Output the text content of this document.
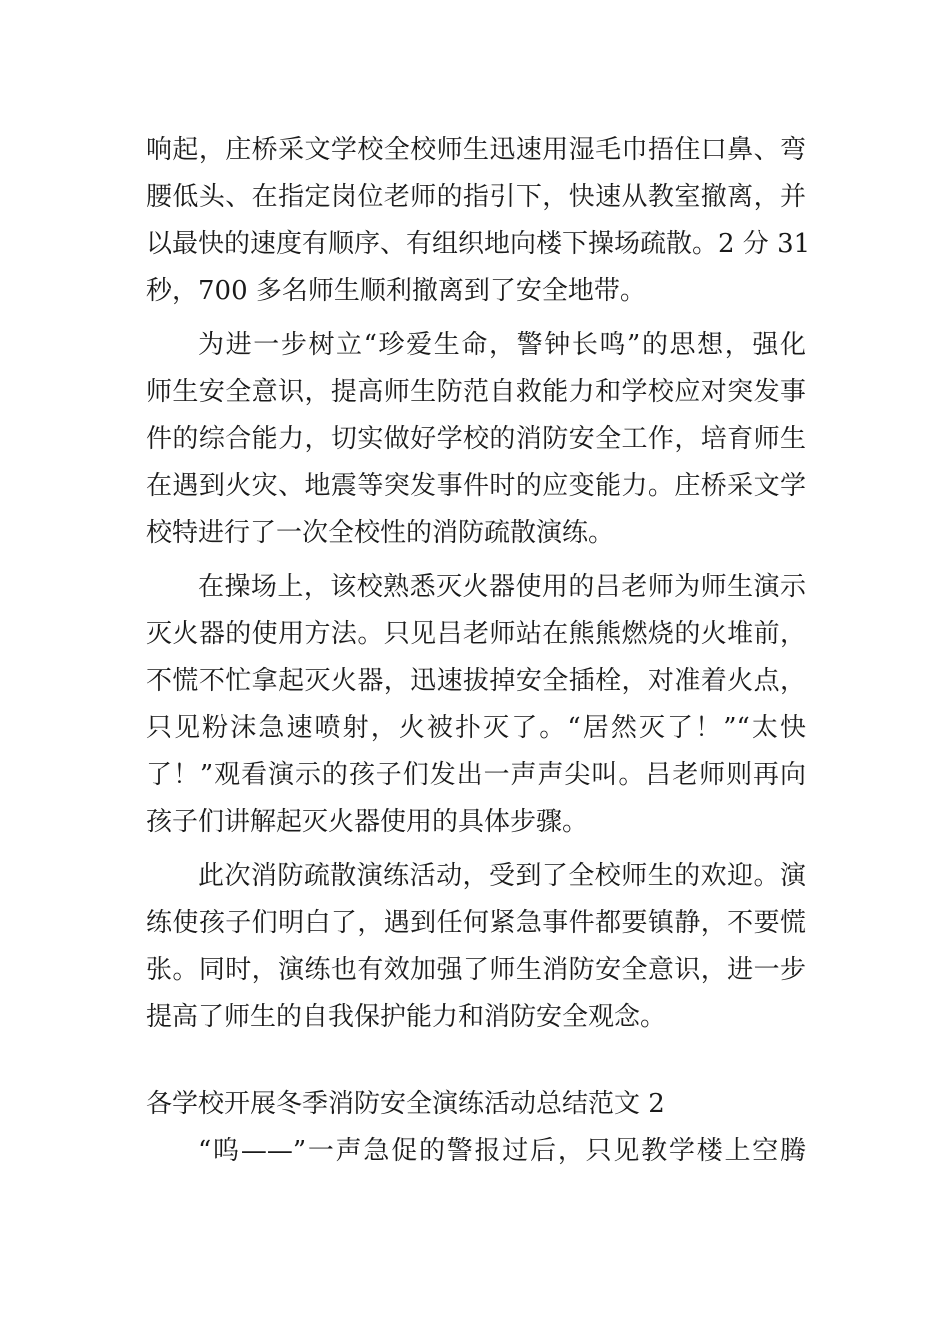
响起，庄桥采文学校全校师生迅速用湿毛巾捂住口鼻、弯
腰低头、在指定岗位老师的指引下，快速从教室撤离，并
以最快的速度有顺序、有组织地向楼下操场疏散。2 分 31
秒，700 多名师生顺利撤离到了安全地带。
为进一步树立“珍爱生命，警钟长鸣”的思想，强化
师生安全意识，提高师生防范自救能力和学校应对突发事
件的综合能力，切实做好学校的消防安全工作，培育师生
在遇到火灾、地震等突发事件时的应变能力。庄桥采文学
校特进行了一次全校性的消防疏散演练。
在操场上，该校熟悉灭火器使用的吕老师为师生演示
灭火器的使用方法。只见吕老师站在熊熊燃烧的火堆前，
不慌不忙拿起灭火器，迅速拔掉安全插栓，对准着火点，
只见粉沫急速喷射，火被扑灭了。“居然灭了！”“太快
了！”观看演示的孩子们发出一声声尖叫。吕老师则再向
孩子们讲解起灭火器使用的具体步骤。
此次消防疏散演练活动，受到了全校师生的欢迎。演
练使孩子们明白了，遇到任何紧急事件都要镇静，不要慌
张。同时，演练也有效加强了师生消防安全意识，进一步
提高了师生的自我保护能力和消防安全观念。
各学校开展冬季消防安全演练活动总结范文 2
“呜——”一声急促的警报过后，只见教学楼上空腾
